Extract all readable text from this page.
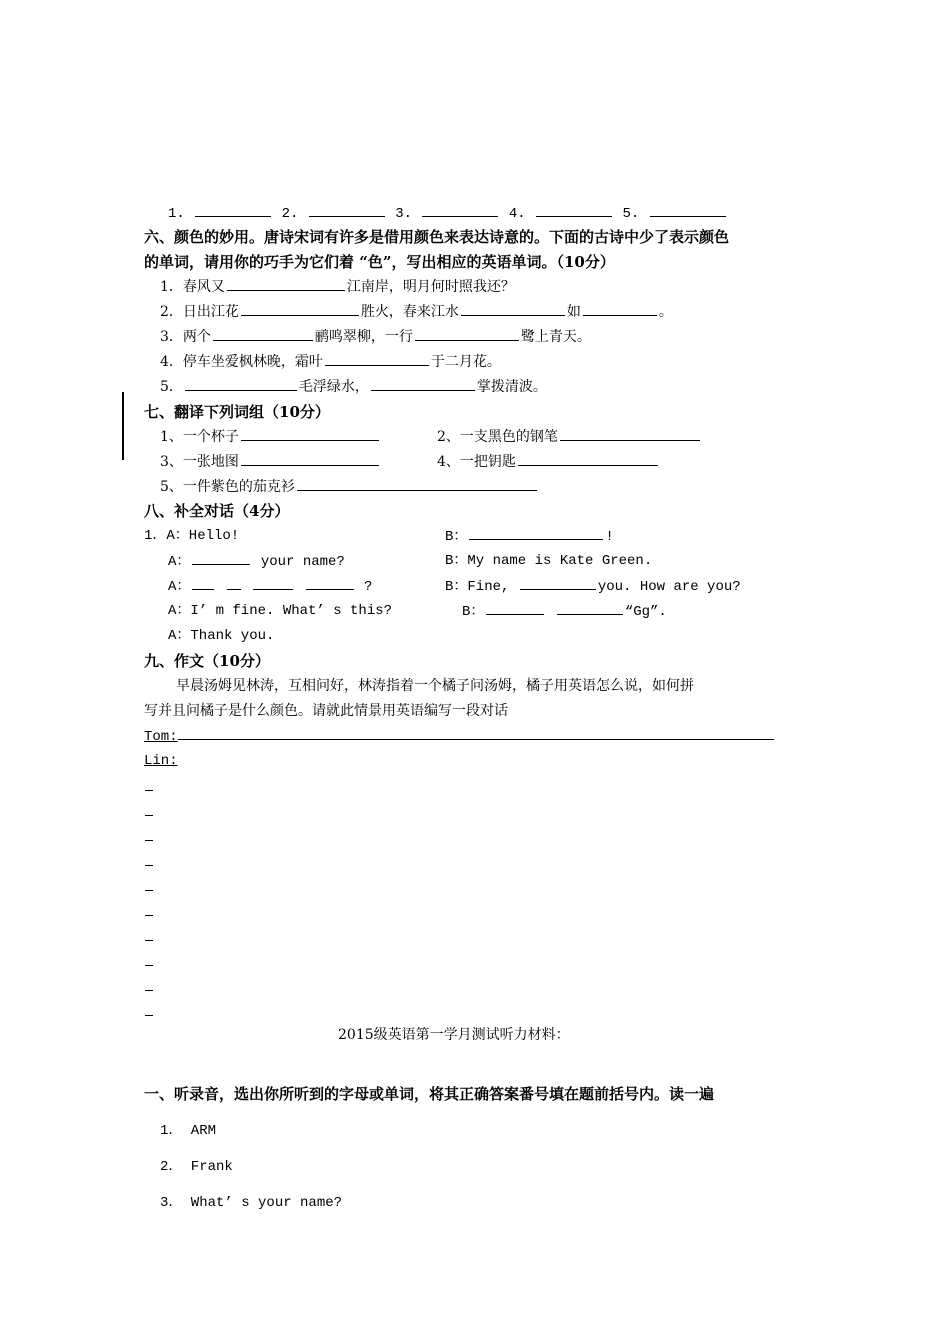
1.	2.	3.	4.	5.
六、颜色的妙用。唐诗宋词有许多是借用颜色来表达诗意的。下面的古诗中少了表示颜色
的单词，请用你的巧手为它们着 “色”，写出相应的英语单词。（10分）
1．春风又	江南岸，明月何时照我还？
2．日出江花	胜火，春来江水	如	。
3．两个	鹂鸣翠柳，一行	鹭上青天。
4．停车坐爱枫林晚，霜叶	于二月花。
5．	毛浮绿水，	掌拨清波。
七、翻译下列词组（10分）
1、一个杯子	2、一支黑色的钢笔
3、一张地图	4、一把钥匙
5、一件紫色的茄克衫
八、补全对话（4分）
1．A：Hello!	B：	!
A：	your name?	B：My name is Kate Green.
A：	?	B：Fine,	you. How are you?
A：I’ m fine. What’ s this?	B：	“Gg”.
A：Thank you.
九、作文（10分）
早晨汤姆见林涛，互相问好，林涛指着一个橘子问汤姆，橘子用英语怎么说，如何拼
写并且问橘子是什么颜色。请就此情景用英语编写一段对话
Tom:
Lin:
2015级英语第一学月测试听力材料：
一、听录音，选出你所听到的字母或单词，将其正确答案番号填在题前括号内。读一遍
1． ARM
2． Frank
3． What’ s your name?
